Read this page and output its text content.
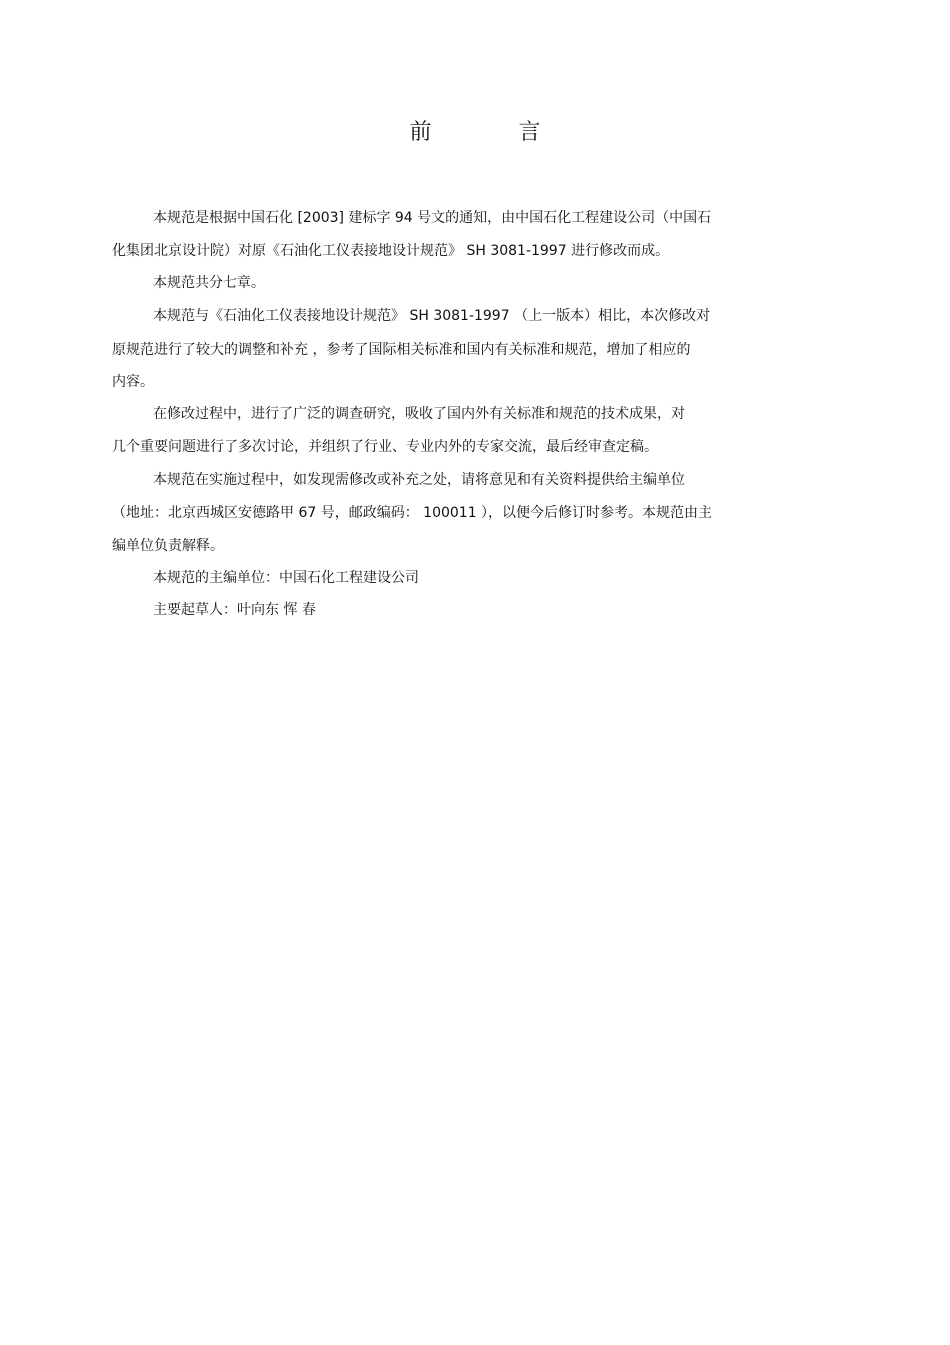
前 言
本规范是根据中国石化 [2003] 建标字 94 号文的通知，由中国石化工程建设公司（中国石
化集团北京设计院）对原《石油化工仪表接地设计规范》 SH 3081-1997 进行修改而成。
本规范共分七章。
本规范与《石油化工仪表接地设计规范》 SH 3081-1997 （上一版本）相比，本次修改对
原规范进行了较大的调整和补充 ，参考了国际相关标准和国内有关标准和规范，增加了相应的
内容。
在修改过程中，进行了广泛的调查研究，吸收了国内外有关标准和规范的技术成果，对
几个重要问题进行了多次讨论，并组织了行业、专业内外的专家交流，最后经审查定稿。
本规范在实施过程中，如发现需修改或补充之处，请将意见和有关资料提供给主编单位
（地址：北京西城区安德路甲 67 号，邮政编码： 100011 ），以便今后修订时参考。本规范由主
编单位负责解释。
本规范的主编单位：中国石化工程建设公司
主要起草人：叶向东 恽 春
